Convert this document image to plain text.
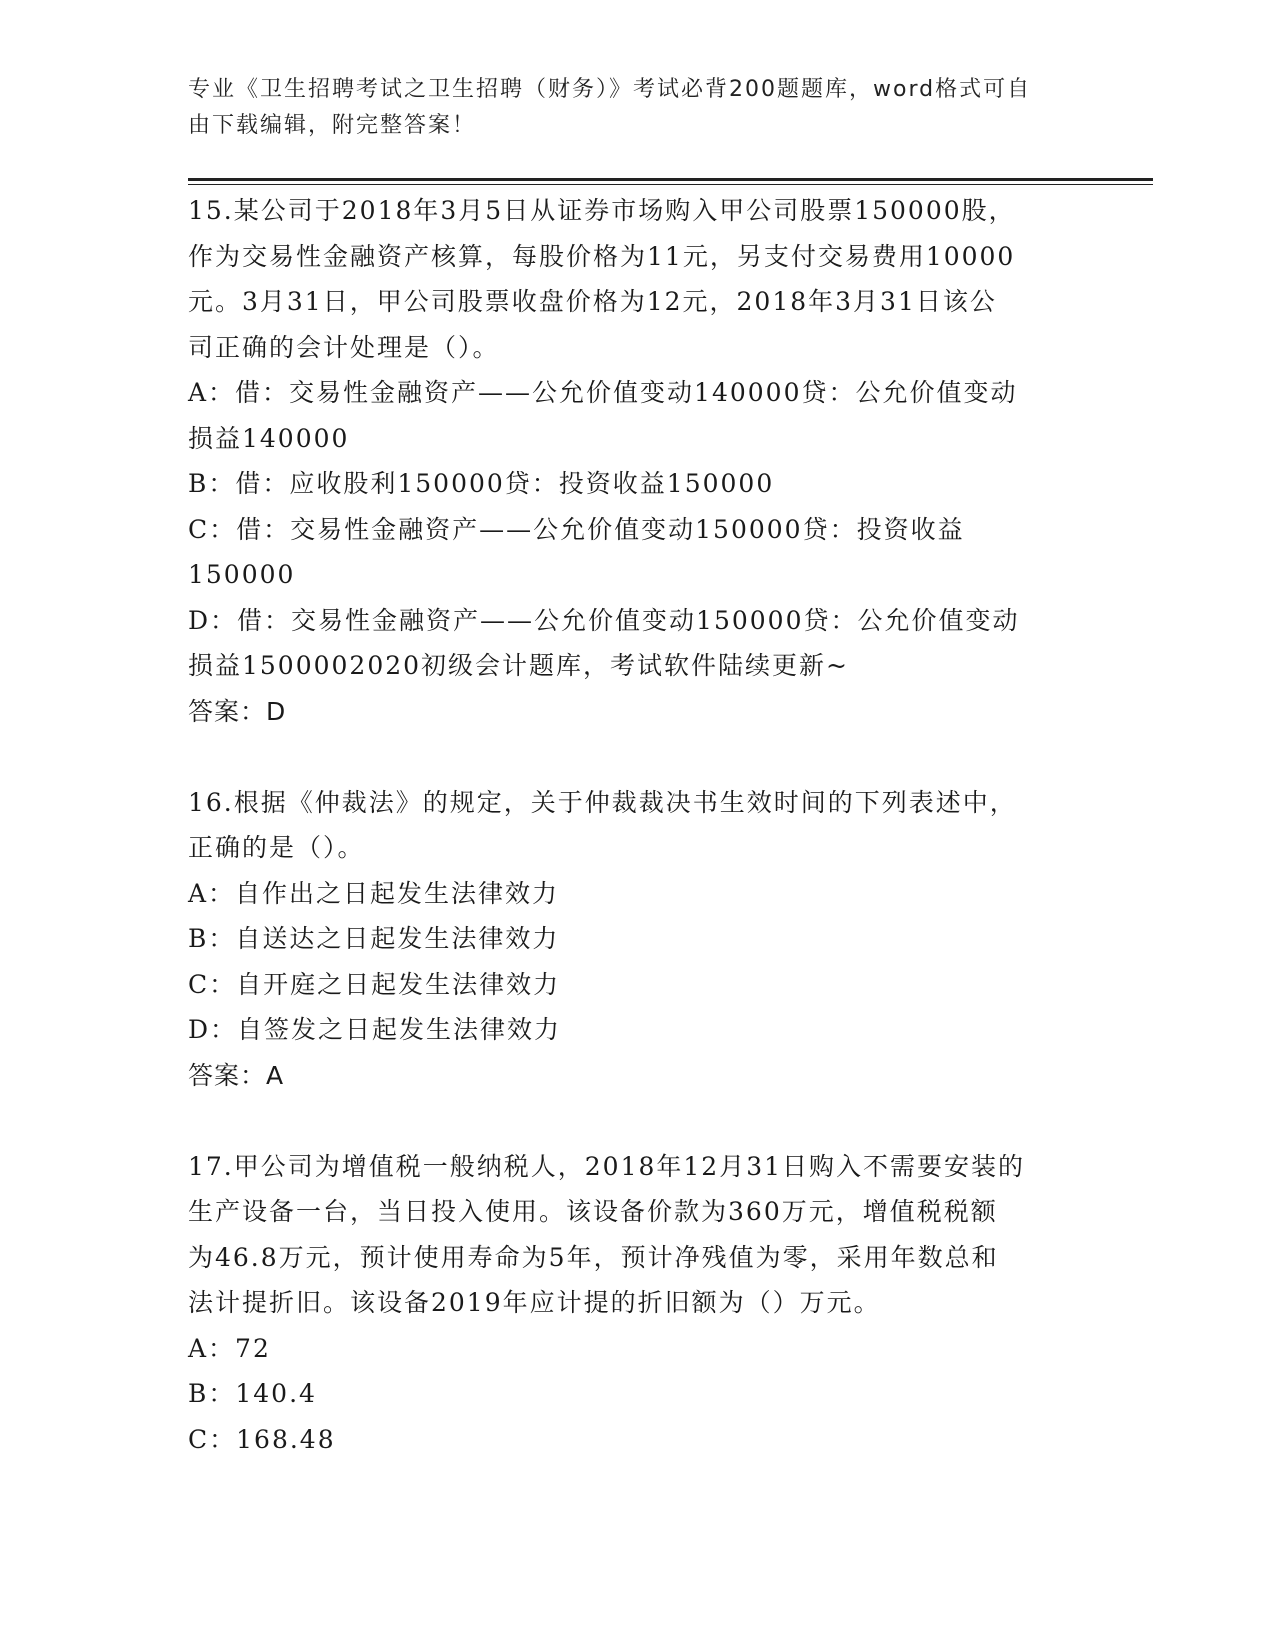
专业《卫生招聘考试之卫生招聘（财务）》考试必背200题题库，word格式可自
由下载编辑，附完整答案！

15.某公司于2018年3月5日从证券市场购入甲公司股票150000股，

作为交易性金融资产核算，每股价格为11元，另支付交易费用10000

元。3月31日，甲公司股票收盘价格为12元，2018年3月31日该公

司正确的会计处理是（）。

A：借：交易性金融资产——公允价值变动140000贷：公允价值变动

损益140000

B：借：应收股利150000贷：投资收益150000

C：借：交易性金融资产——公允价值变动150000贷：投资收益

150000

D：借：交易性金融资产——公允价值变动150000贷：公允价值变动

损益1500002020初级会计题库，考试软件陆续更新~

答案：D

16.根据《仲裁法》的规定，关于仲裁裁决书生效时间的下列表述中，

正确的是（）。

A：自作出之日起发生法律效力

B：自送达之日起发生法律效力

C：自开庭之日起发生法律效力

D：自签发之日起发生法律效力

答案：A

17.甲公司为增值税一般纳税人，2018年12月31日购入不需要安装的

生产设备一台，当日投入使用。该设备价款为360万元，增值税税额

为46.8万元，预计使用寿命为5年，预计净残值为零，采用年数总和

法计提折旧。该设备2019年应计提的折旧额为（）万元。

A：72

B：140.4

C：168.48
